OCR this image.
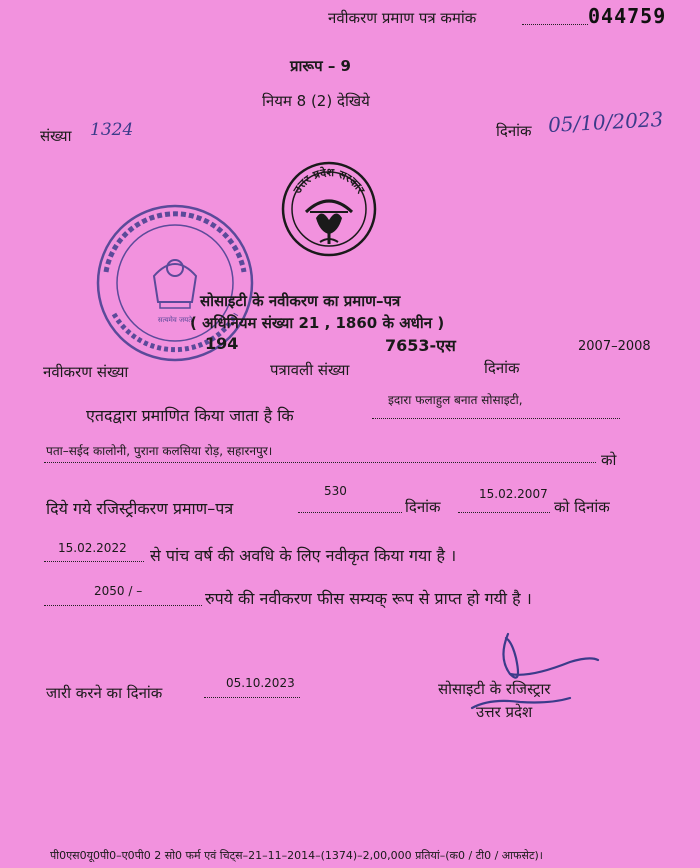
नवीकरण प्रमाण पत्र कमांक	044759
प्रारूप – 9
नियम 8 (2) देखिये
संख्या 1324	दिनांक 05/10/2023
उत्तर प्रदेश सरकार
सत्यमेव जयते
सोसाइटी के नवीकरण का प्रमाण–पत्र
( अधिनियम संख्या 21 , 1860 के अधीन )
194	7653-एस	2007–2008
नवीकरण संख्या	पत्रावली संख्या	दिनांक
इदारा फलाहुल बनात सोसाइटी,
एतदद्वारा प्रमाणित किया जाता है कि
पता–सईद कालोनी, पुराना कलसिया रोड़, सहारनपुर।	को
530	15.02.2007
दिये गये रजिस्ट्रीकरण प्रमाण–पत्र	दिनांक	को दिनांक
15.02.2022 से पांच वर्ष की अवधि के लिए नवीकृत किया गया है ।
2050 / –	रुपये की नवीकरण फीस सम्यक् रूप से प्राप्त हो गयी है ।
05.10.2023
जारी करने का दिनांक	सोसाइटी के रजिस्ट्रार
उत्तर प्रदेश
पी0एस0यू0पी0–ए0पी0 2 सो0 फर्म एवं चिट्स–21–11–2014–(1374)–2,00,000 प्रतियां–(क0 / टी0 / आफसेट)।
